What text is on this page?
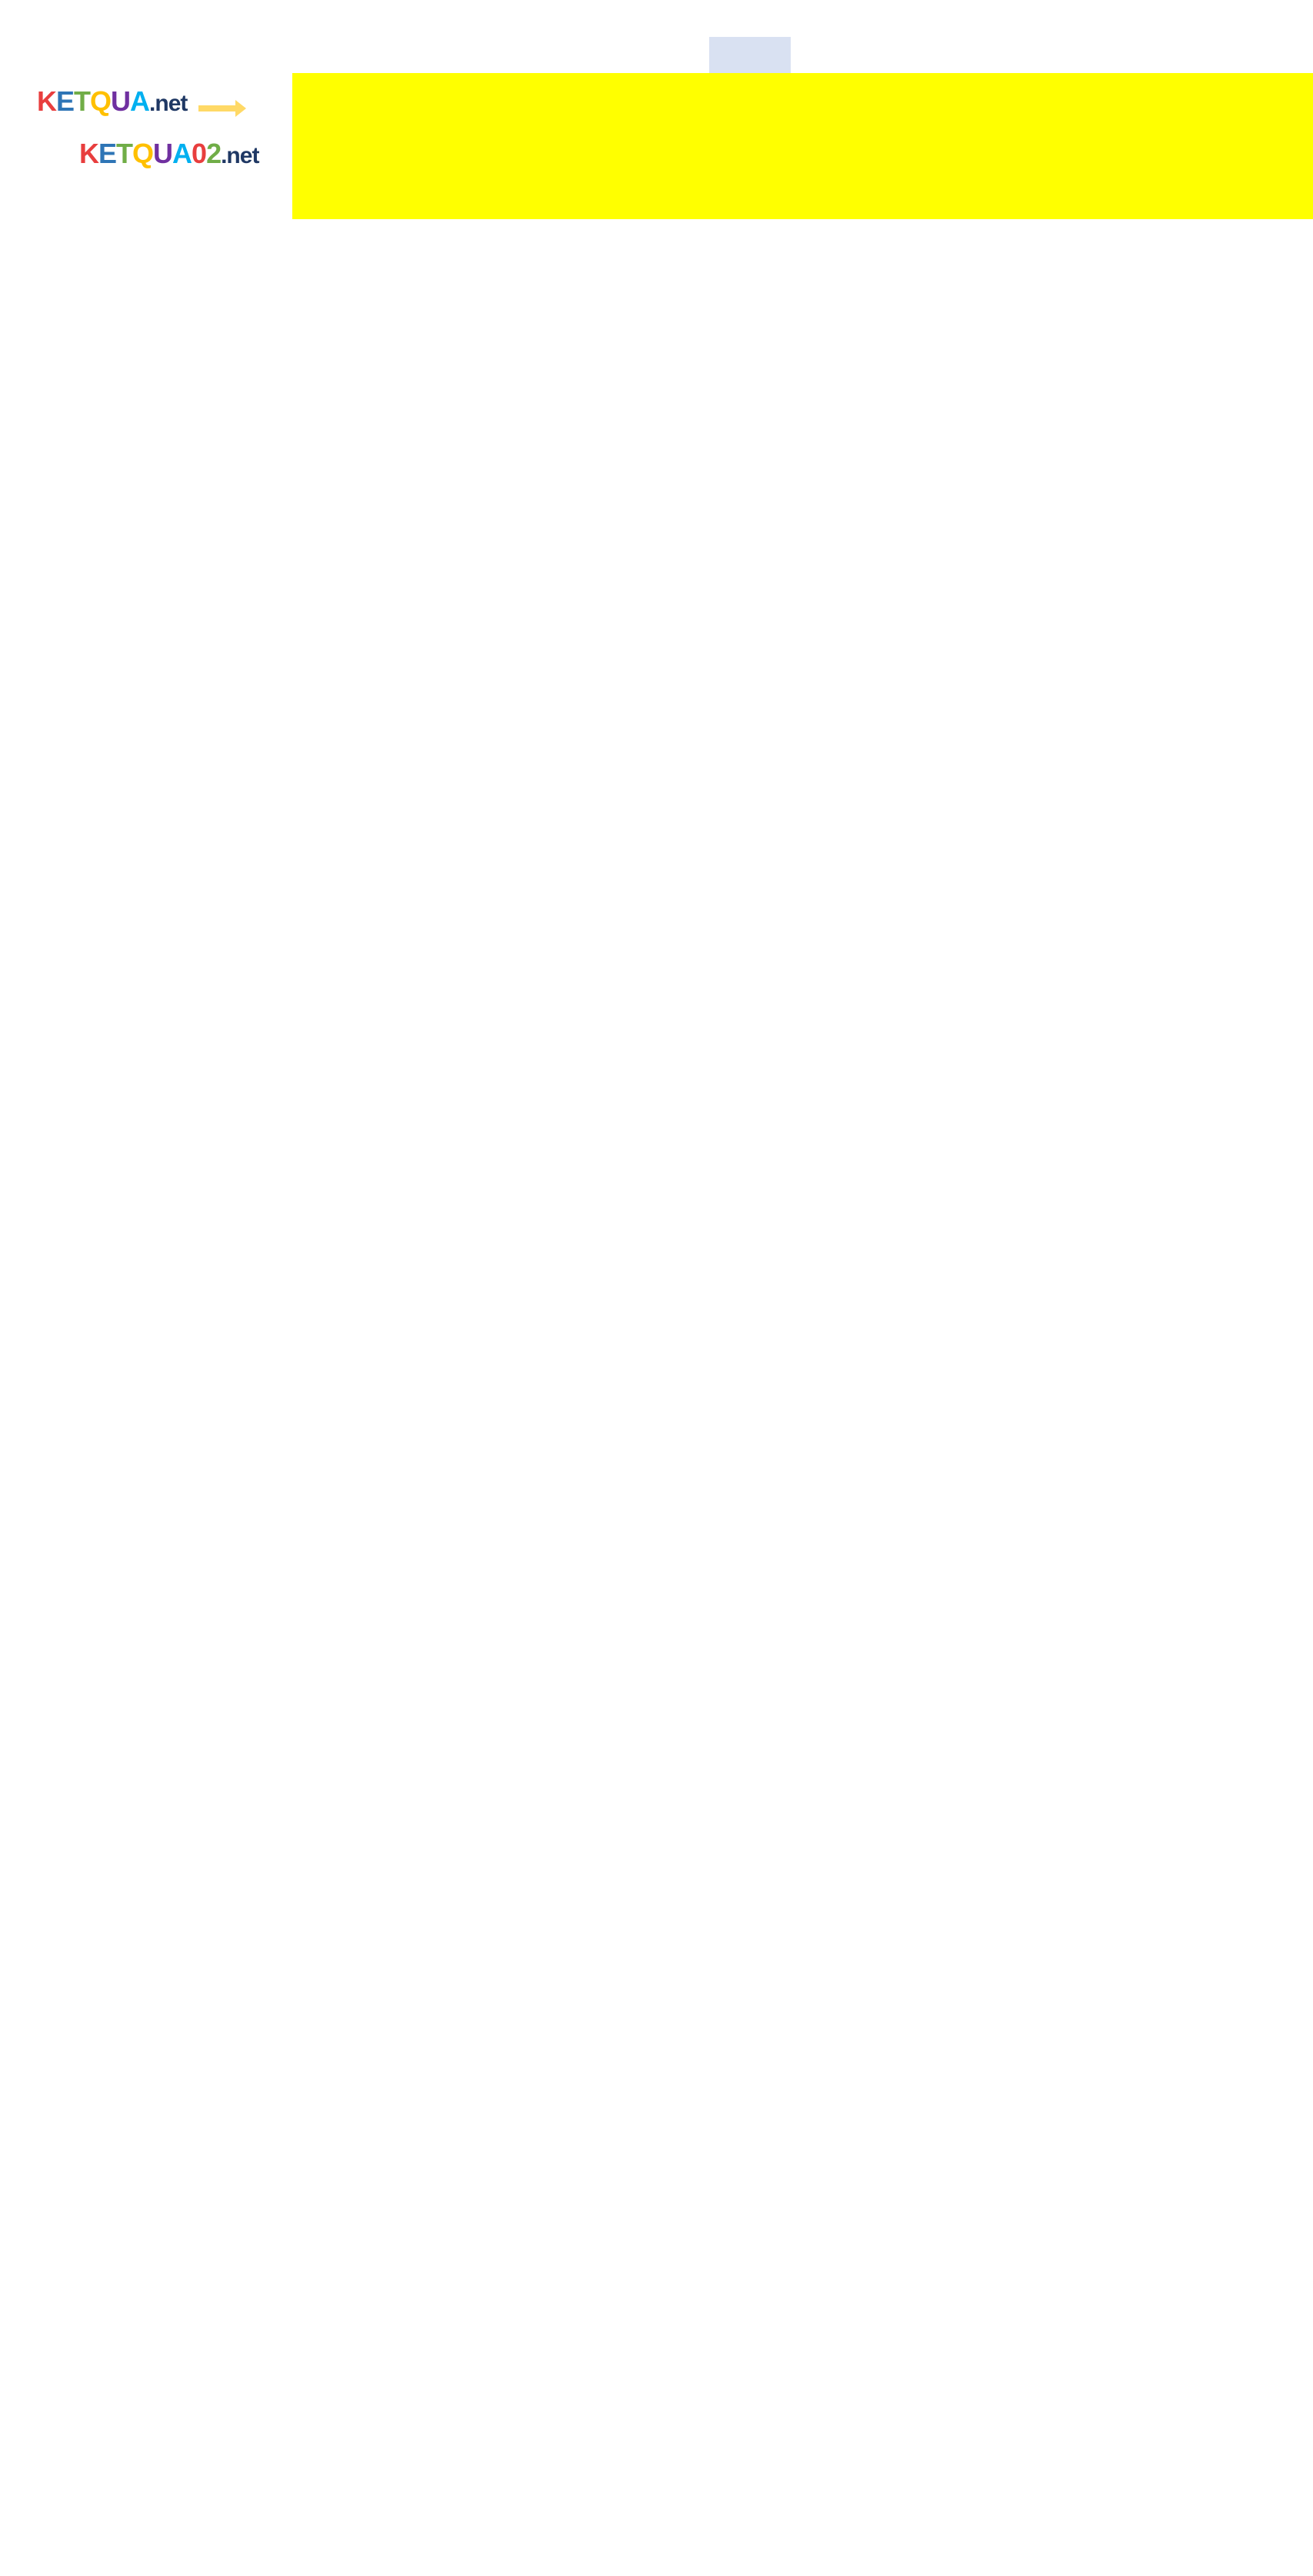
KETQUA.net
KETQUA02.net
